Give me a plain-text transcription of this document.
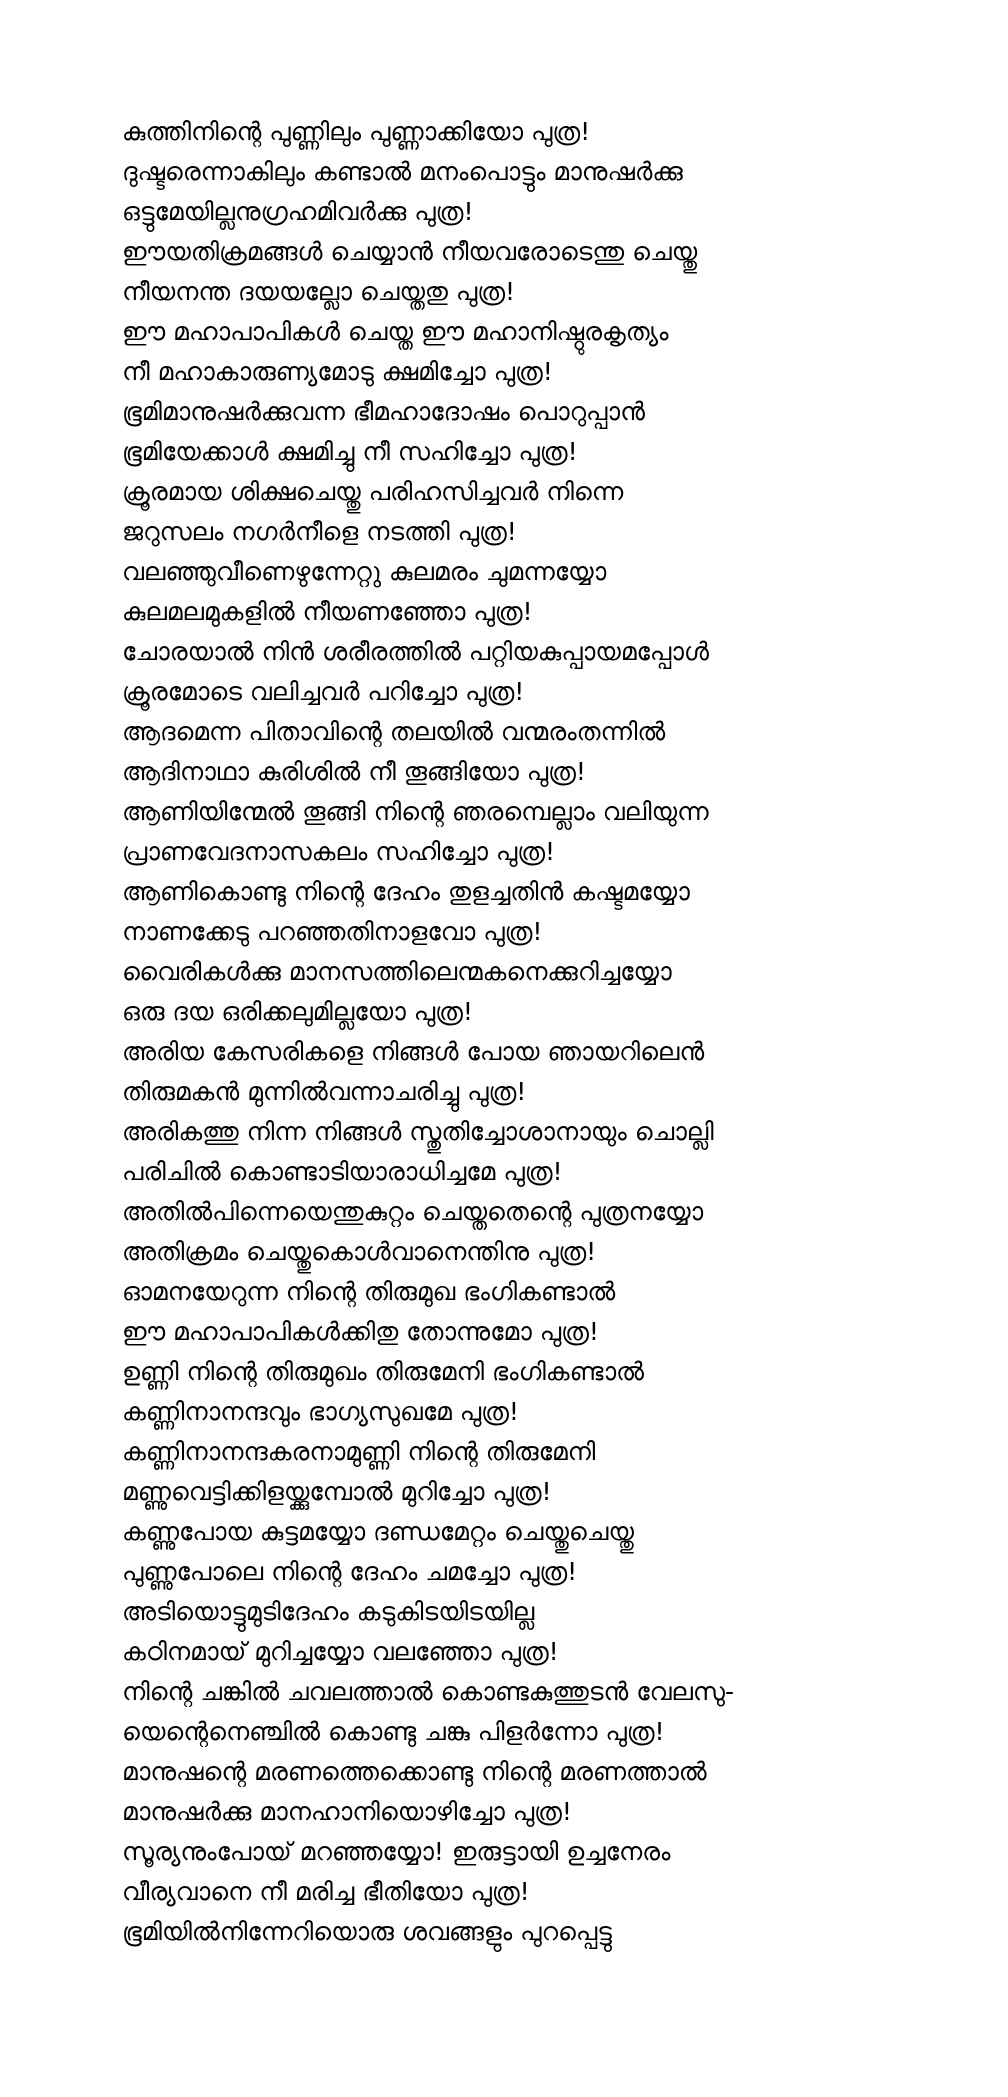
കുത്തിനിന്റെ പുണ്ണിലും പുണ്ണാക്കിയോ പുത്ര!
ദുഷ്ടരെന്നാകിലും കണ്ടാൽ മനംപൊട്ടും മാനുഷർക്കു
ഒട്ടുമേയില്ലനുഗ്രഹമിവർക്കു പുത്ര!
ഈയതിക്രമങ്ങൾ ചെയ്യാൻ നീയവരോടെന്തു ചെയ്തു
നീയനന്ത ദയയല്ലോ ചെയ്തതു പുത്ര!
ഈ മഹാപാപികൾ ചെയ്ത ഈ മഹാനിഷ്ഠുരകൃത്യം
നീ മഹാകാരുണ്യമോടു ക്ഷമിച്ചോ പുത്ര!
ഭൂമിമാനുഷർക്കുവന്ന ഭീമഹാദോഷം പൊറുപ്പാൻ
ഭൂമിയേക്കാൾ ക്ഷമിച്ചു നീ സഹിച്ചോ പുത്ര!
ക്രൂരമായ ശിക്ഷചെയ്തു പരിഹസിച്ചവർ നിന്നെ
ജറുസലം നഗർനീളെ നടത്തി പുത്ര!
വലഞ്ഞുവീണെഴുന്നേറ്റു കുലമരം ചുമന്നയ്യോ
കുലമലമുകളിൽ നീയണഞ്ഞോ പുത്ര!
ചോരയാൽ നിൻ ശരീരത്തിൽ പറ്റിയകുപ്പായമപ്പോൾ
ക്രൂരമോടെ വലിച്ചവർ പറിച്ചോ പുത്ര!
ആദമെന്ന പിതാവിന്റെ തലയിൽ വന്മരംതന്നിൽ
ആദിനാഥാ കുരിശിൽ നീ തൂങ്ങിയോ പുത്ര!
ആണിയിന്മേൽ തൂങ്ങി നിന്റെ ഞരമ്പെല്ലാം വലിയുന്ന
പ്രാണവേദനാസകലം സഹിച്ചോ പുത്ര!
ആണികൊണ്ടു നിന്റെ ദേഹം തുളച്ചതിൻ കഷ്ടമയ്യോ
നാണക്കേടു പറഞ്ഞതിനാളവോ പുത്ര!
വൈരികൾക്കു മാനസത്തിലെന്മകനെക്കുറിച്ചയ്യോ
ഒരു ദയ ഒരിക്കലുമില്ലയോ പുത്ര!
അരിയ കേസരികളെ നിങ്ങൾ പോയ ഞായറിലെൻ
തിരുമകൻ മുന്നിൽവന്നാചരിച്ചു പുത്ര!
അരികത്തു നിന്ന നിങ്ങൾ സ്തുതിച്ചോശാനായും ചൊല്ലി
പരിചിൽ കൊണ്ടാടിയാരാധിച്ചമേ പുത്ര!
അതിൽപിന്നെയെന്തുകുറ്റം ചെയ്തതെന്റെ പുത്രനയ്യോ
അതിക്രമം ചെയ്തുകൊൾവാനെന്തിനു പുത്ര!
ഓമനയേറുന്ന നിന്റെ തിരുമുഖ ഭംഗികണ്ടാൽ
ഈ മഹാപാപികൾക്കിതു തോന്നുമോ പുത്ര!
ഉണ്ണി നിന്റെ തിരുമുഖം തിരുമേനി ഭംഗികണ്ടാൽ
കണ്ണിനാനന്ദവും ഭാഗ്യസുഖമേ പുത്ര!
കണ്ണിനാനന്ദകരനാമുണ്ണി നിന്റെ തിരുമേനി
മണ്ണുവെട്ടിക്കിളയ്ക്കുമ്പോൽ മുറിച്ചോ പുത്ര!
കണ്ണുപോയ കുട്ടമയ്യോ ദണ്ഡമേറ്റം ചെയ്തുചെയ്തു
പുണ്ണുപോലെ നിന്റെ ദേഹം ചമച്ചോ പുത്ര!
അടിയൊട്ടുമുടിദേഹം കടുകിടയിടയില്ല
കഠിനമായ് മുറിച്ചയ്യോ വലഞ്ഞോ പുത്ര!
നിന്റെ ചങ്കിൽ ചവലത്താൽ കൊണ്ടകുത്തുടൻ വേലസു-
യെന്റെനെഞ്ചിൽ കൊണ്ടു ചങ്കു പിളർന്നോ പുത്ര!
മാനുഷന്റെ മരണത്തെക്കൊണ്ടു നിന്റെ മരണത്താൽ
മാനുഷർക്കു മാനഹാനിയൊഴിച്ചോ പുത്ര!
സൂര്യനുംപോയ് മറഞ്ഞയ്യോ! ഇരുട്ടായി ഉച്ചനേരം
വീര്യവാനെ നീ മരിച്ച ഭീതിയോ പുത്ര!
ഭൂമിയിൽനിന്നേറിയൊരു ശവങ്ങളും പുറപ്പെട്ടു
